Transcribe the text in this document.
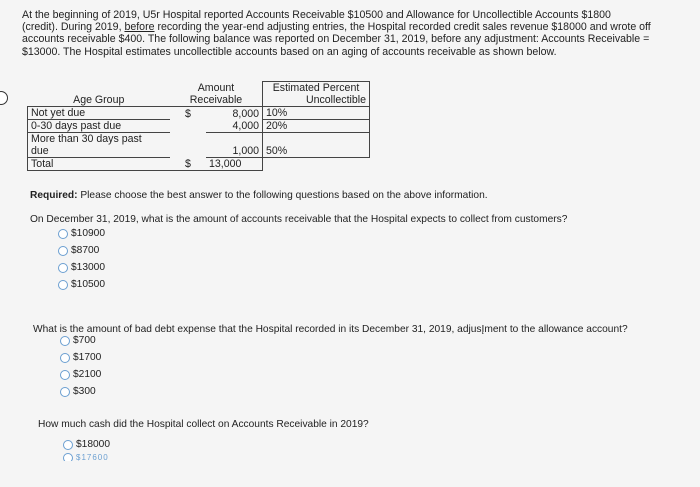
At the beginning of 2019, U5r Hospital reported Accounts Receivable $10500 and Allowance for Uncollectible Accounts $1800
(credit). During 2019, before recording the year-end adjusting entries, the Hospital recorded credit sales revenue $18000 and wrote off
accounts receivable $400. The following balance was reported on December 31, 2019, before any adjustment: Accounts Receivable =
$13000. The Hospital estimates uncollectible accounts based on an aging of accounts receivable as shown below.
	Amount		Estimated Percent
Age Group	Receivable		Uncollectible
Not yet due	$	8,000	10%
0-30 days past due		4,000	20%

More than 30 days past
due		1,000	50%
Total	$	13,000	
Required: Please choose the best answer to the following questions based on the above information.
On December 31, 2019, what is the amount of accounts receivable that the Hospital expects to collect from customers?
$10900
$8700
$13000
$10500
What is the amount of bad debt expense that the Hospital recorded in its December 31, 2019, adjusĮment to the allowance account?
$700
$1700
$2100
$300
How much cash did the Hospital collect on Accounts Receivable in 2019?
$18000
$17600
